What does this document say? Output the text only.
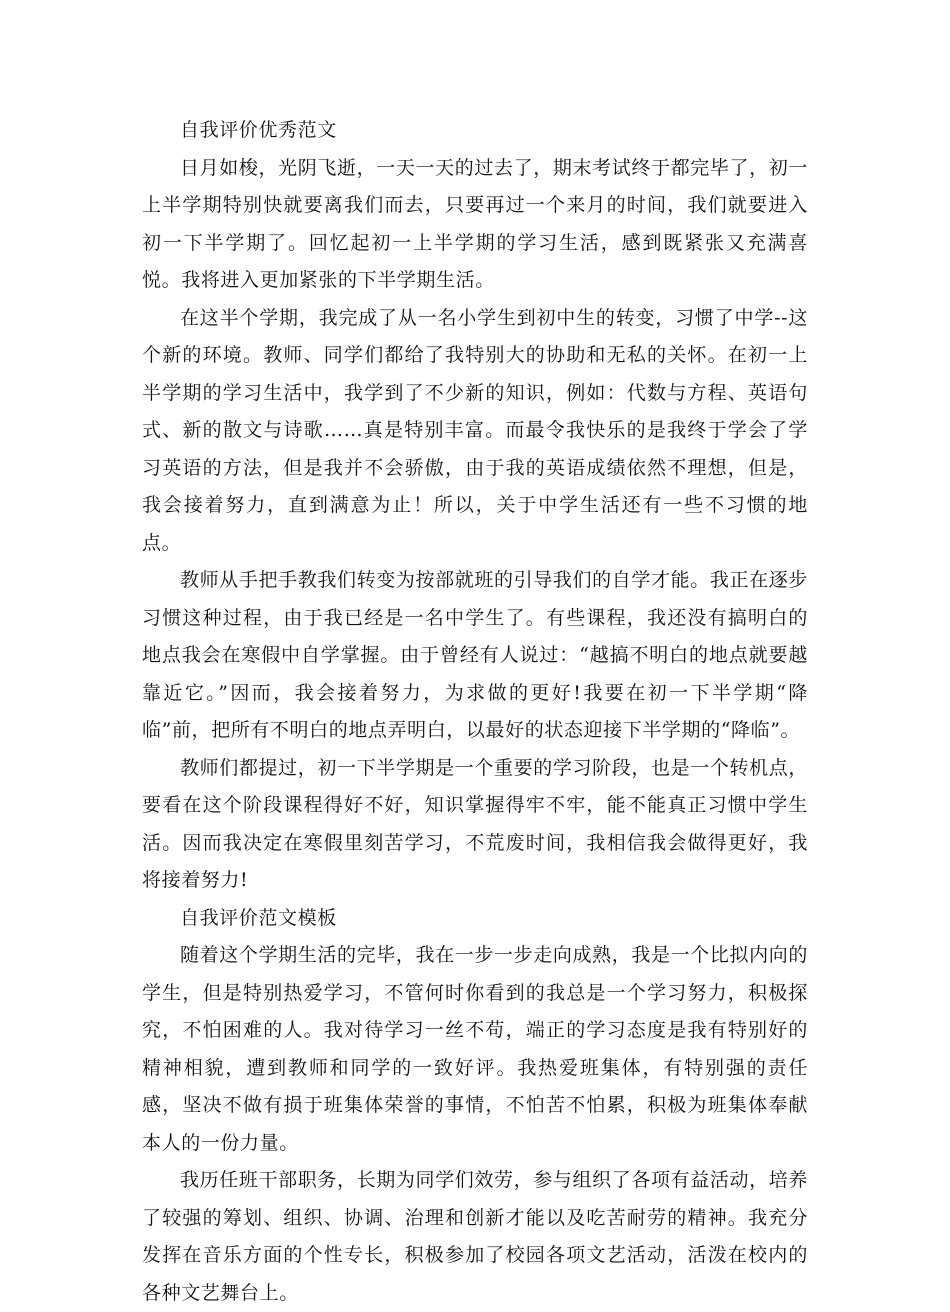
自我评价优秀范文

日月如梭，光阴飞逝，一天一天的过去了，期末考试终于都完毕了，初一上半学期特别快就要离我们而去，只要再过一个来月的时间，我们就要进入初一下半学期了。回忆起初一上半学期的学习生活，感到既紧张又充满喜悦。我将进入更加紧张的下半学期生活。

在这半个学期，我完成了从一名小学生到初中生的转变，习惯了中学--这个新的环境。教师、同学们都给了我特别大的协助和无私的关怀。在初一上半学期的学习生活中，我学到了不少新的知识，例如：代数与方程、英语句式、新的散文与诗歌……真是特别丰富。而最令我快乐的是我终于学会了学习英语的方法，但是我并不会骄傲，由于我的英语成绩依然不理想，但是，我会接着努力，直到满意为止！所以，关于中学生活还有一些不习惯的地点。

教师从手把手教我们转变为按部就班的引导我们的自学才能。我正在逐步习惯这种过程，由于我已经是一名中学生了。有些课程，我还没有搞明白的地点我会在寒假中自学掌握。由于曾经有人说过：“越搞不明白的地点就要越靠近它。”因而，我会接着努力，为求做的更好!我要在初一下半学期“降临”前，把所有不明白的地点弄明白，以最好的状态迎接下半学期的“降临”。

教师们都提过，初一下半学期是一个重要的学习阶段，也是一个转机点，要看在这个阶段课程得好不好，知识掌握得牢不牢，能不能真正习惯中学生活。因而我决定在寒假里刻苦学习，不荒废时间，我相信我会做得更好，我将接着努力!

自我评价范文模板

随着这个学期生活的完毕，我在一步一步走向成熟，我是一个比拟内向的学生，但是特别热爱学习，不管何时你看到的我总是一个学习努力，积极探究，不怕困难的人。我对待学习一丝不苟，端正的学习态度是我有特别好的精神相貌，遭到教师和同学的一致好评。我热爱班集体，有特别强的责任感，坚决不做有损于班集体荣誉的事情，不怕苦不怕累，积极为班集体奉献本人的一份力量。

我历任班干部职务，长期为同学们效劳，参与组织了各项有益活动，培养了较强的筹划、组织、协调、治理和创新才能以及吃苦耐劳的精神。我充分发挥在音乐方面的个性专长，积极参加了校园各项文艺活动，活泼在校内的各种文艺舞台上。
